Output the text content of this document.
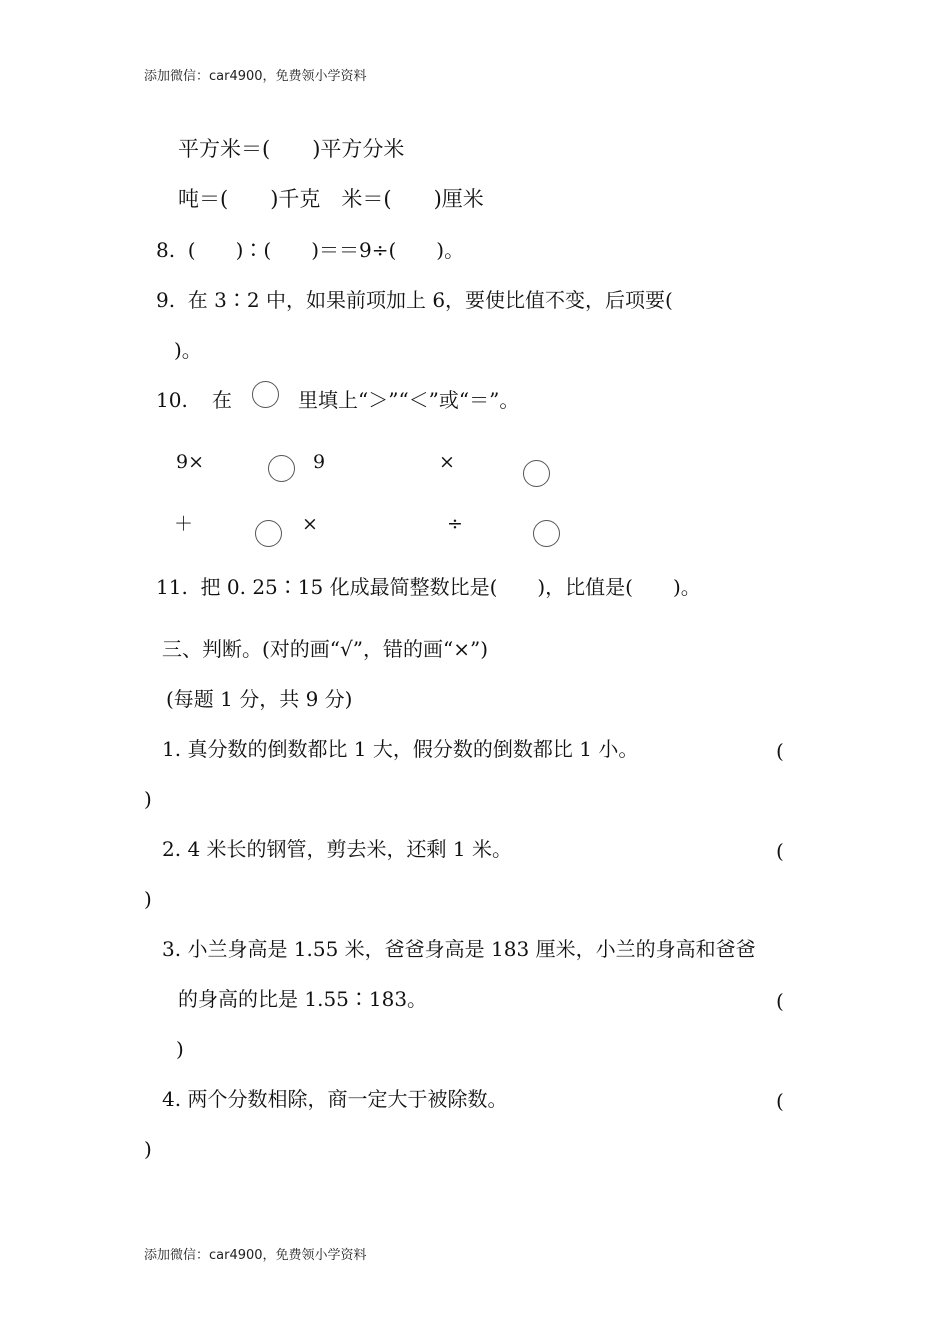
添加微信：car4900，免费领小学资料
平方米＝(　　)平方分米
吨＝(　　)千克　米＝(　　)厘米
8.  (　　)∶(　　)＝＝9÷(　　)。
9.  在 3∶2 中，如果前项加上 6，要使比值不变，后项要(
)。
10. 在	里填上“＞”“＜”或“＝”。
9×	9	×
＋	×	÷
11.  把 0. 25∶15 化成最简整数比是(　　)，比值是(　　)。
三、判断。(对的画“√”，错的画“×”)
(每题 1 分，共 9 分)
1. 真分数的倒数都比 1 大，假分数的倒数都比 1 小。	(
)
2. 4 米长的钢管，剪去米，还剩 1 米。	(
)
3. 小兰身高是 1.55 米，爸爸身高是 183 厘米，小兰的身高和爸爸
的身高的比是 1.55∶183。	(
)
4. 两个分数相除，商一定大于被除数。	(
)
添加微信：car4900，免费领小学资料
